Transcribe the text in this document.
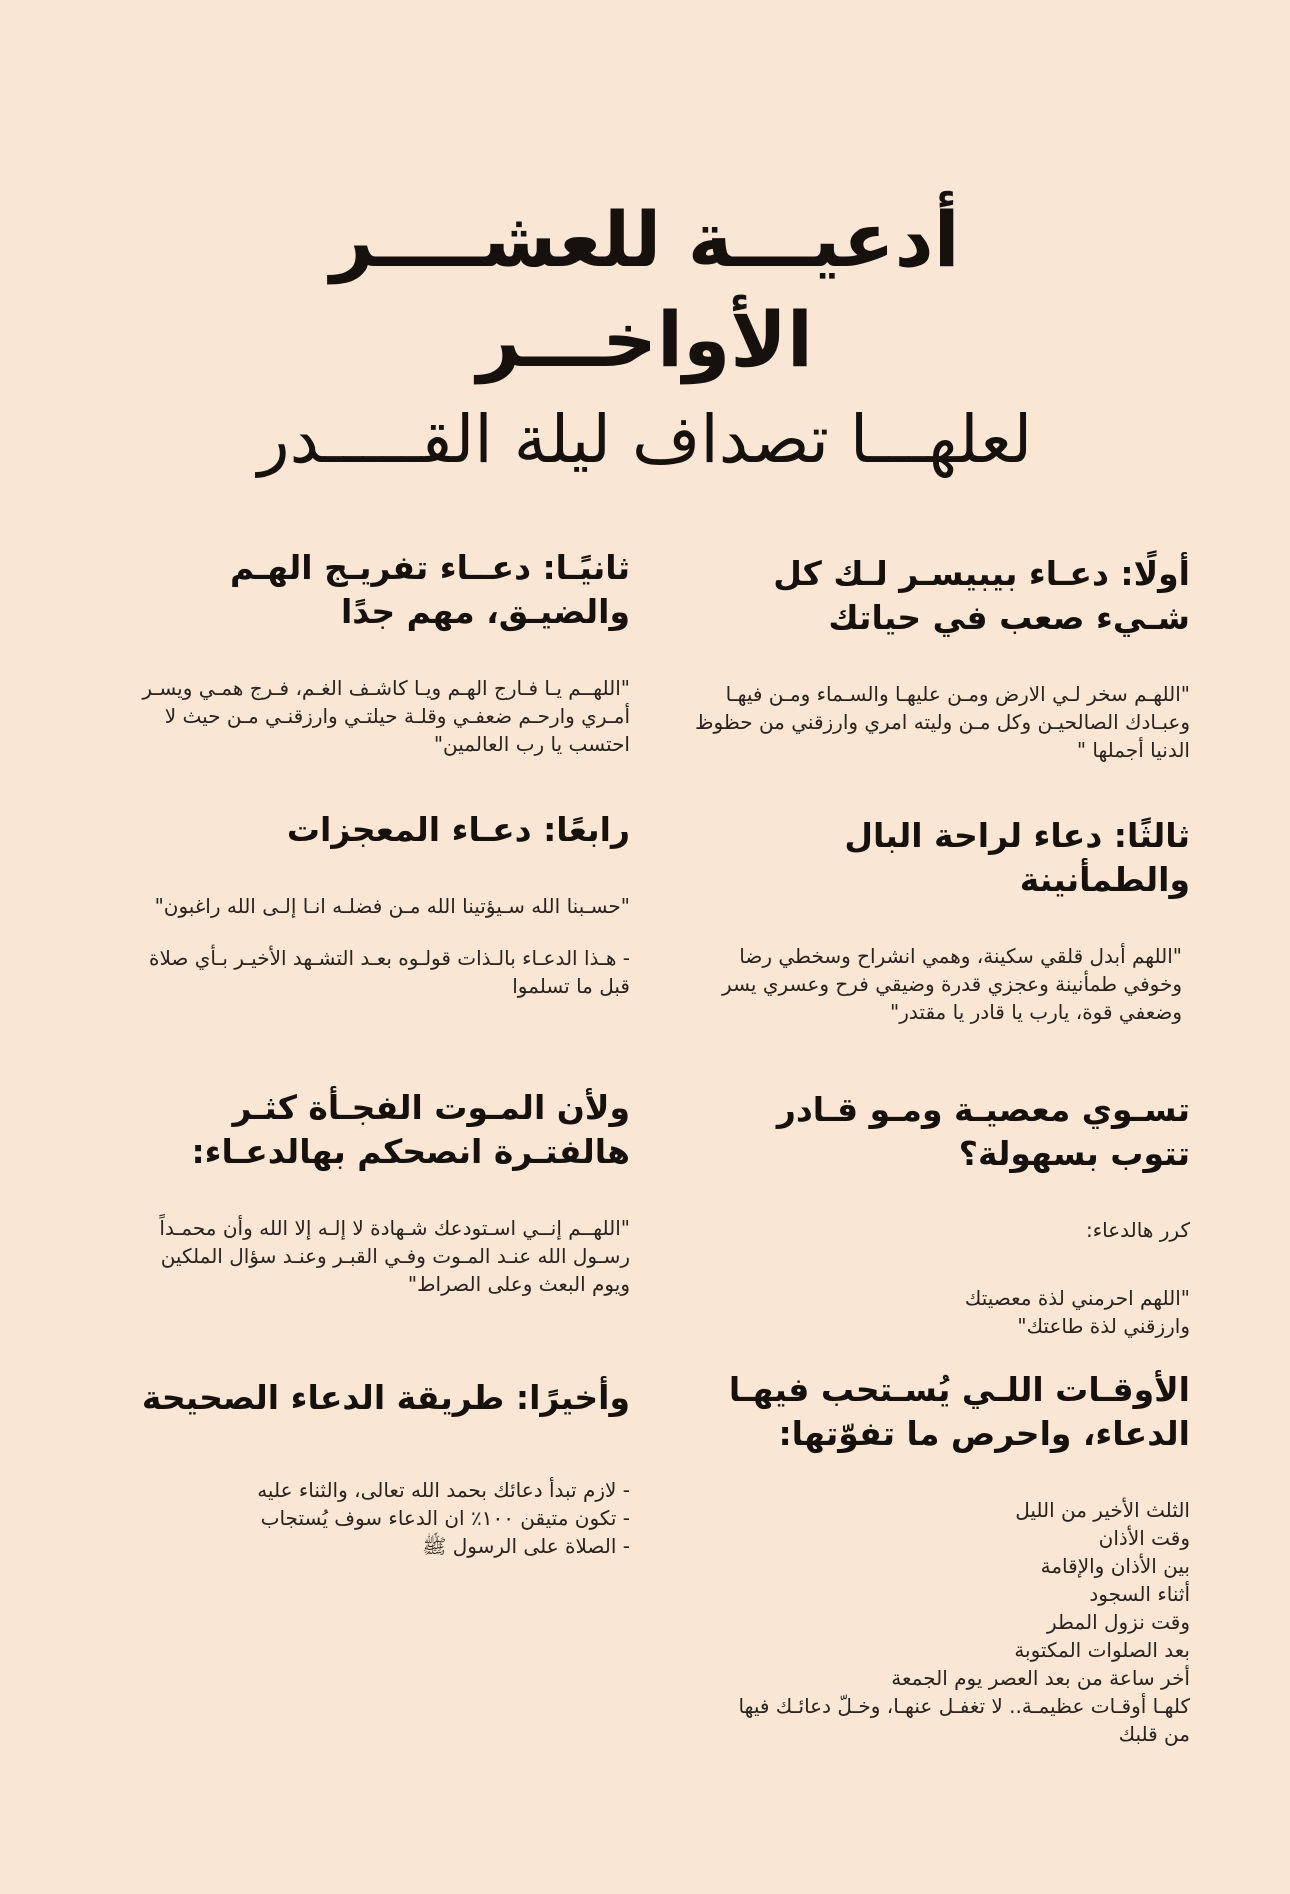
أدعيـــة للعشــــر الأواخـــر
لعلهـــا تصداف ليلة القـــــدر
أولًا: دعـاء بيبيسـر لـك كل شـيء صعب في حياتك

"اللهـم سخر لـي الارض ومـن عليهـا والسـماء ومـن فيهـا وعبـادك الصالحيـن وكل مـن وليته امري وارزقني من حظوظ الدنيا أجملها "

ثالثًا: دعاء لراحة البال والطمأنينة

"اللهم أبدل قلقي سكينة، وهمي انشراح وسخطي رضا وخوفي طمأنينة وعجزي قدرة وضيقي فرح وعسري يسر وضعفي قوة، يارب يا قادر يا مقتدر"

تسـوي معصيـة ومـو قـادر تتوب بسهولة؟

كرر هالدعاء:

"اللهم احرمني لذة معصيتك وارزقني لذة طاعتك"

الأوقـات اللـي يُسـتحب فيهـا الدعاء، واحرص ما تفوّتها:
الثلث الأخير من الليل
وقت الأذان
بين الأذان والإقامة
أثناء السجود
وقت نزول المطر
بعد الصلوات المكتوبة
أخر ساعة من بعد العصر يوم الجمعة
كلهـا أوقـات عظيمـة.. لا تغفـل عنهـا، وخـلّ دعائـك فيها من قلبك
ثانيًـا: دعــاء تفريـج الهـم والضيـق، مهم جدًا

"اللهــم يـا فـارج الهـم ويـا كاشـف الغـم، فـرج همـي ويسـر أمـري وارحـم ضعفـي وقلـة حيلتـي وارزقنـي مـن حيث لا احتسب يا رب العالمين"

رابعًا: دعـاء المعجزات

"حسـبنا الله سـيؤتينا الله مـن فضلـه انـا إلـى الله راغبون"

- هـذا الدعـاء بالـذات قولـوه بعـد التشـهد الأخيـر بـأي صلاة قبل ما تسلموا

ولأن المـوت الفجـأة كثـر هالفتـرة انصحكم بهالدعـاء:

"اللهــم إنــي اسـتودعك شـهادة لا إلـه إلا الله وأن محمـداً رسـول الله عنـد المـوت وفـي القبـر وعنـد سؤال الملكين ويوم البعث وعلى الصراط"

وأخيرًا: طريقة الدعاء الصحيحة
- لازم تبدأ دعائك بحمد الله تعالى، والثناء عليه
- تكون متيقن ١٠٠٪ ان الدعاء سوف يُستجاب
- الصلاة على الرسول ﷺ
